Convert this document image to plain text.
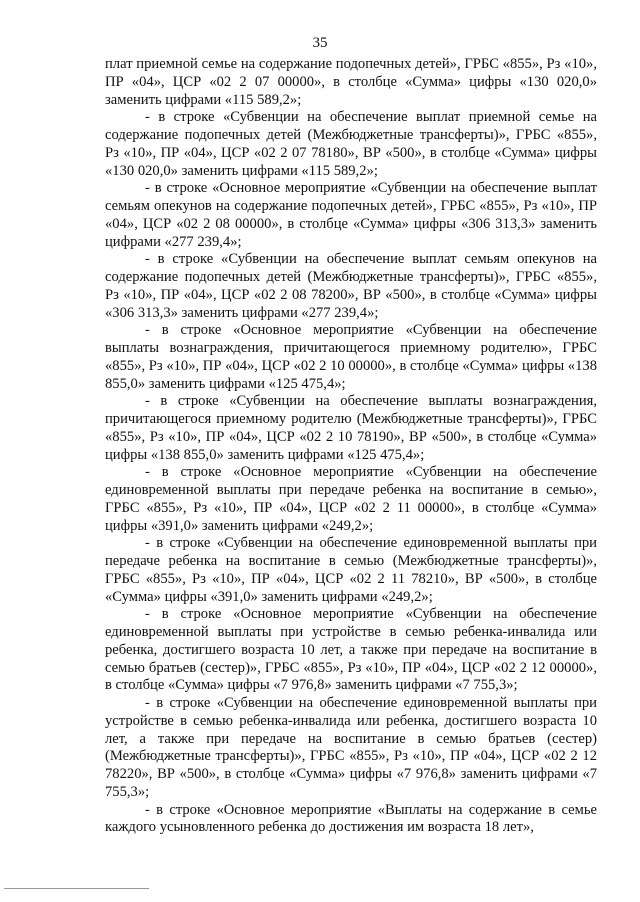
35

плат приемной семье на содержание подопечных детей», ГРБС «855», Рз «10», ПР «04», ЦСР «02 2 07 00000», в столбце «Сумма» цифры «130 020,0» заменить цифрами «115 589,2»;

- в строке «Субвенции на обеспечение выплат приемной семье на содержание подопечных детей (Межбюджетные трансферты)», ГРБС «855», Рз «10», ПР «04», ЦСР «02 2 07 78180», ВР «500», в столбце «Сумма» цифры «130 020,0» заменить цифрами «115 589,2»;

- в строке «Основное мероприятие «Субвенции на обеспечение выплат семьям опекунов на содержание подопечных детей», ГРБС «855», Рз «10», ПР «04», ЦСР «02 2 08 00000», в столбце «Сумма» цифры «306 313,3» заменить цифрами «277 239,4»;

- в строке «Субвенции на обеспечение выплат семьям опекунов на содержание подопечных детей (Межбюджетные трансферты)», ГРБС «855», Рз «10», ПР «04», ЦСР «02 2 08 78200», ВР «500», в столбце «Сумма» цифры «306 313,3» заменить цифрами «277 239,4»;

- в строке «Основное мероприятие «Субвенции на обеспечение выплаты вознаграждения, причитающегося приемному родителю», ГРБС «855», Рз «10», ПР «04», ЦСР «02 2 10 00000», в столбце «Сумма» цифры «138 855,0» заменить цифрами «125 475,4»;

- в строке «Субвенции на обеспечение выплаты вознаграждения, причитающегося приемному родителю (Межбюджетные трансферты)», ГРБС «855», Рз «10», ПР «04», ЦСР «02 2 10 78190», ВР «500», в столбце «Сумма» цифры «138 855,0» заменить цифрами «125 475,4»;

- в строке «Основное мероприятие «Субвенции на обеспечение единовременной выплаты при передаче ребенка на воспитание в семью», ГРБС «855», Рз «10», ПР «04», ЦСР «02 2 11 00000», в столбце «Сумма» цифры «391,0» заменить цифрами «249,2»;

- в строке «Субвенции на обеспечение единовременной выплаты при передаче ребенка на воспитание в семью (Межбюджетные трансферты)», ГРБС «855», Рз «10», ПР «04», ЦСР «02 2 11 78210», ВР «500», в столбце «Сумма» цифры «391,0» заменить цифрами «249,2»;

- в строке «Основное мероприятие «Субвенции на обеспечение единовременной выплаты при устройстве в семью ребенка-инвалида или ребенка, достигшего возраста 10 лет, а также при передаче на воспитание в семью братьев (сестер)», ГРБС «855», Рз «10», ПР «04», ЦСР «02 2 12 00000», в столбце «Сумма» цифры «7 976,8» заменить цифрами «7 755,3»;

- в строке «Субвенции на обеспечение единовременной выплаты при устройстве в семью ребенка-инвалида или ребенка, достигшего возраста 10 лет, а также при передаче на воспитание в семью братьев (сестер) (Межбюджетные трансферты)», ГРБС «855», Рз «10», ПР «04», ЦСР «02 2 12 78220», ВР «500», в столбце «Сумма» цифры «7 976,8» заменить цифрами «7 755,3»;

- в строке «Основное мероприятие «Выплаты на содержание в семье каждого усыновленного ребенка до достижения им возраста 18 лет»,
